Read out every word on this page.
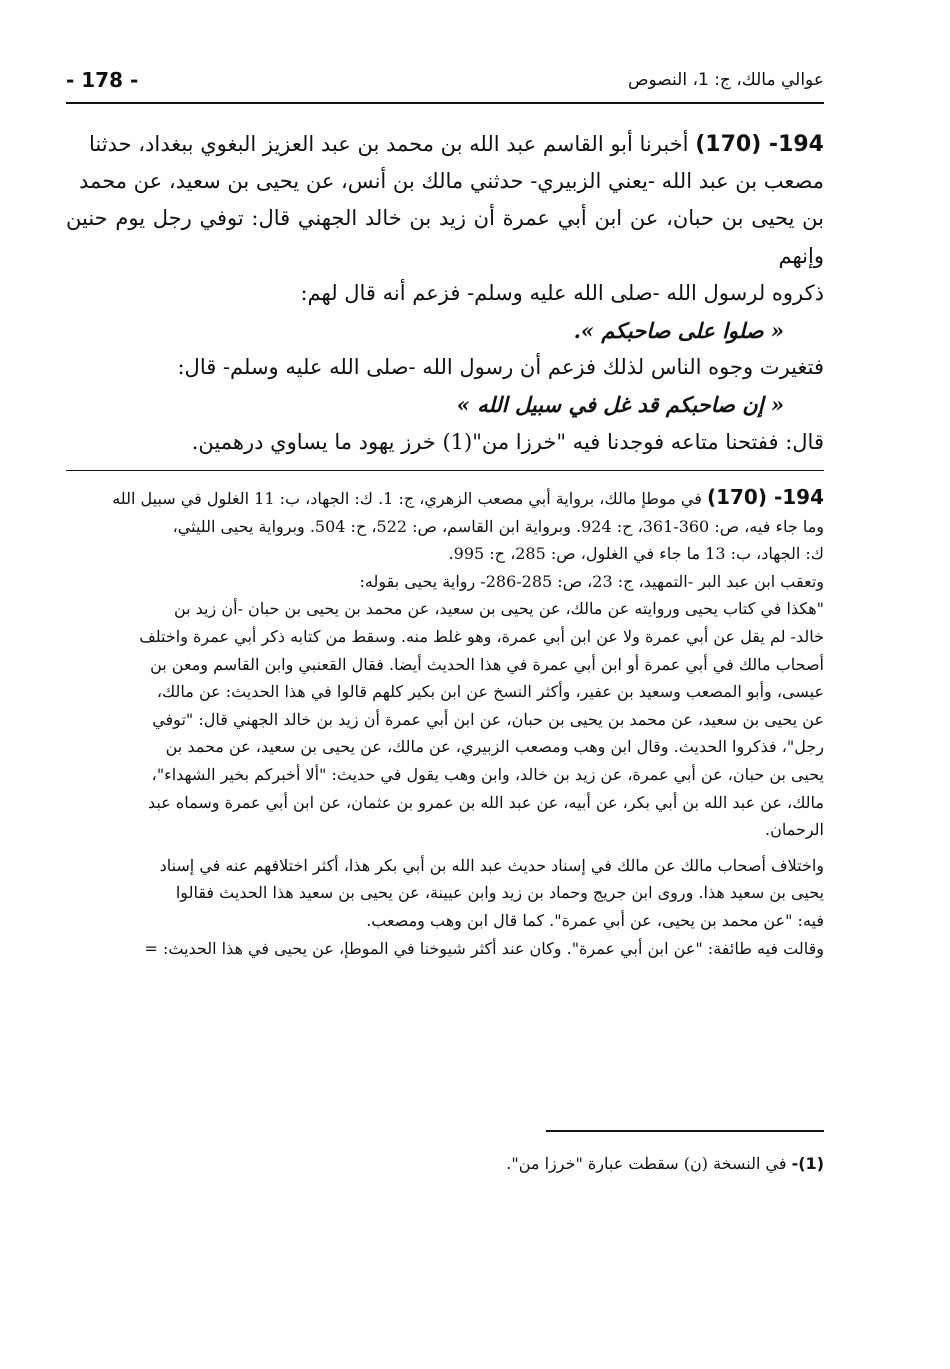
- 178 -	عوالي مالك، ج: 1، النصوص

194- (170) أخبرنا أبو القاسم عبد الله بن محمد بن عبد العزيز البغوي ببغداد، حدثنا

مصعب بن عبد الله -يعني الزبيري- حدثني مالك بن أنس، عن يحيى بن سعيد، عن محمد

بن يحيى بن حبان، عن ابن أبي عمرة أن زيد بن خالد الجهني قال: توفي رجل يوم حنين وإنهم

ذكروه لرسول الله -صلى الله عليه وسلم- فزعم أنه قال لهم:

« صلوا على صاحبكم ».

فتغيرت وجوه الناس لذلك فزعم أن رسول الله -صلى الله عليه وسلم- قال:

« إن صاحبكم قد غل في سبيل الله »

قال: ففتحنا متاعه فوجدنا فيه "خرزا من"(1) خرز يهود ما يساوي درهمين.

194- (170) في موطإ مالك، برواية أبي مصعب الزهري، ج: 1. ك: الجهاد، ب: 11 الغلول في سبيل الله

وما جاء فيه، ص: 360-361، ح: 924. وبرواية ابن القاسم، ص: 522، ح: 504. وبرواية يحيى الليثي،

ك: الجهاد، ب: 13 ما جاء في الغلول، ص: 285، ح: 995.

وتعقب ابن عبد البر -التمهيد، ج: 23، ص: 285-286- رواية يحيى بقوله:

"هكذا في كتاب يحيى وروايته عن مالك، عن يحيى بن سعيد، عن محمد بن يحيى بن حبان -أن زيد بن

خالد- لم يقل عن أبي عمرة ولا عن ابن أبي عمرة، وهو غلط منه. وسقط من كتابه ذكر أبي عمرة واختلف

أصحاب مالك في أبي عمرة أو ابن أبي عمرة في هذا الحديث أيضا. فقال القعنبي وابن القاسم ومعن بن

عيسى، وأبو المصعب وسعيد بن عفير، وأكثر النسخ عن ابن بكير كلهم قالوا في هذا الحديث: عن مالك،

عن يحيى بن سعيد، عن محمد بن يحيى بن حبان، عن ابن أبي عمرة أن زيد بن خالد الجهني قال: "توفي

رجل"، فذكروا الحديث. وقال ابن وهب ومصعب الزبيري، عن مالك، عن يحيى بن سعيد، عن محمد بن

يحيى بن حبان، عن أبي عمرة، عن زيد بن خالد، وابن وهب يقول في حديث: "ألا أخبركم بخير الشهداء"،

مالك، عن عبد الله بن أبي بكر، عن أبيه، عن عبد الله بن عمرو بن عثمان، عن ابن أبي عمرة وسماه عبد

الرحمان.

واختلاف أصحاب مالك عن مالك في إسناد حديث عبد الله بن أبي بكر هذا، أكثر اختلافهم عنه في إسناد

يحيى بن سعيد هذا. وروى ابن جريج وحماد بن زيد وابن عيينة، عن يحيى بن سعيد هذا الحديث فقالوا

فيه: "عن محمد بن يحيى، عن أبي عمرة". كما قال ابن وهب ومصعب.

وقالت فيه طائفة: "عن ابن أبي عمرة". وكان عند أكثر شيوخنا في الموطإ، عن يحيى في هذا الحديث: =

(1)- في النسخة (ن) سقطت عبارة "خرزا من".
